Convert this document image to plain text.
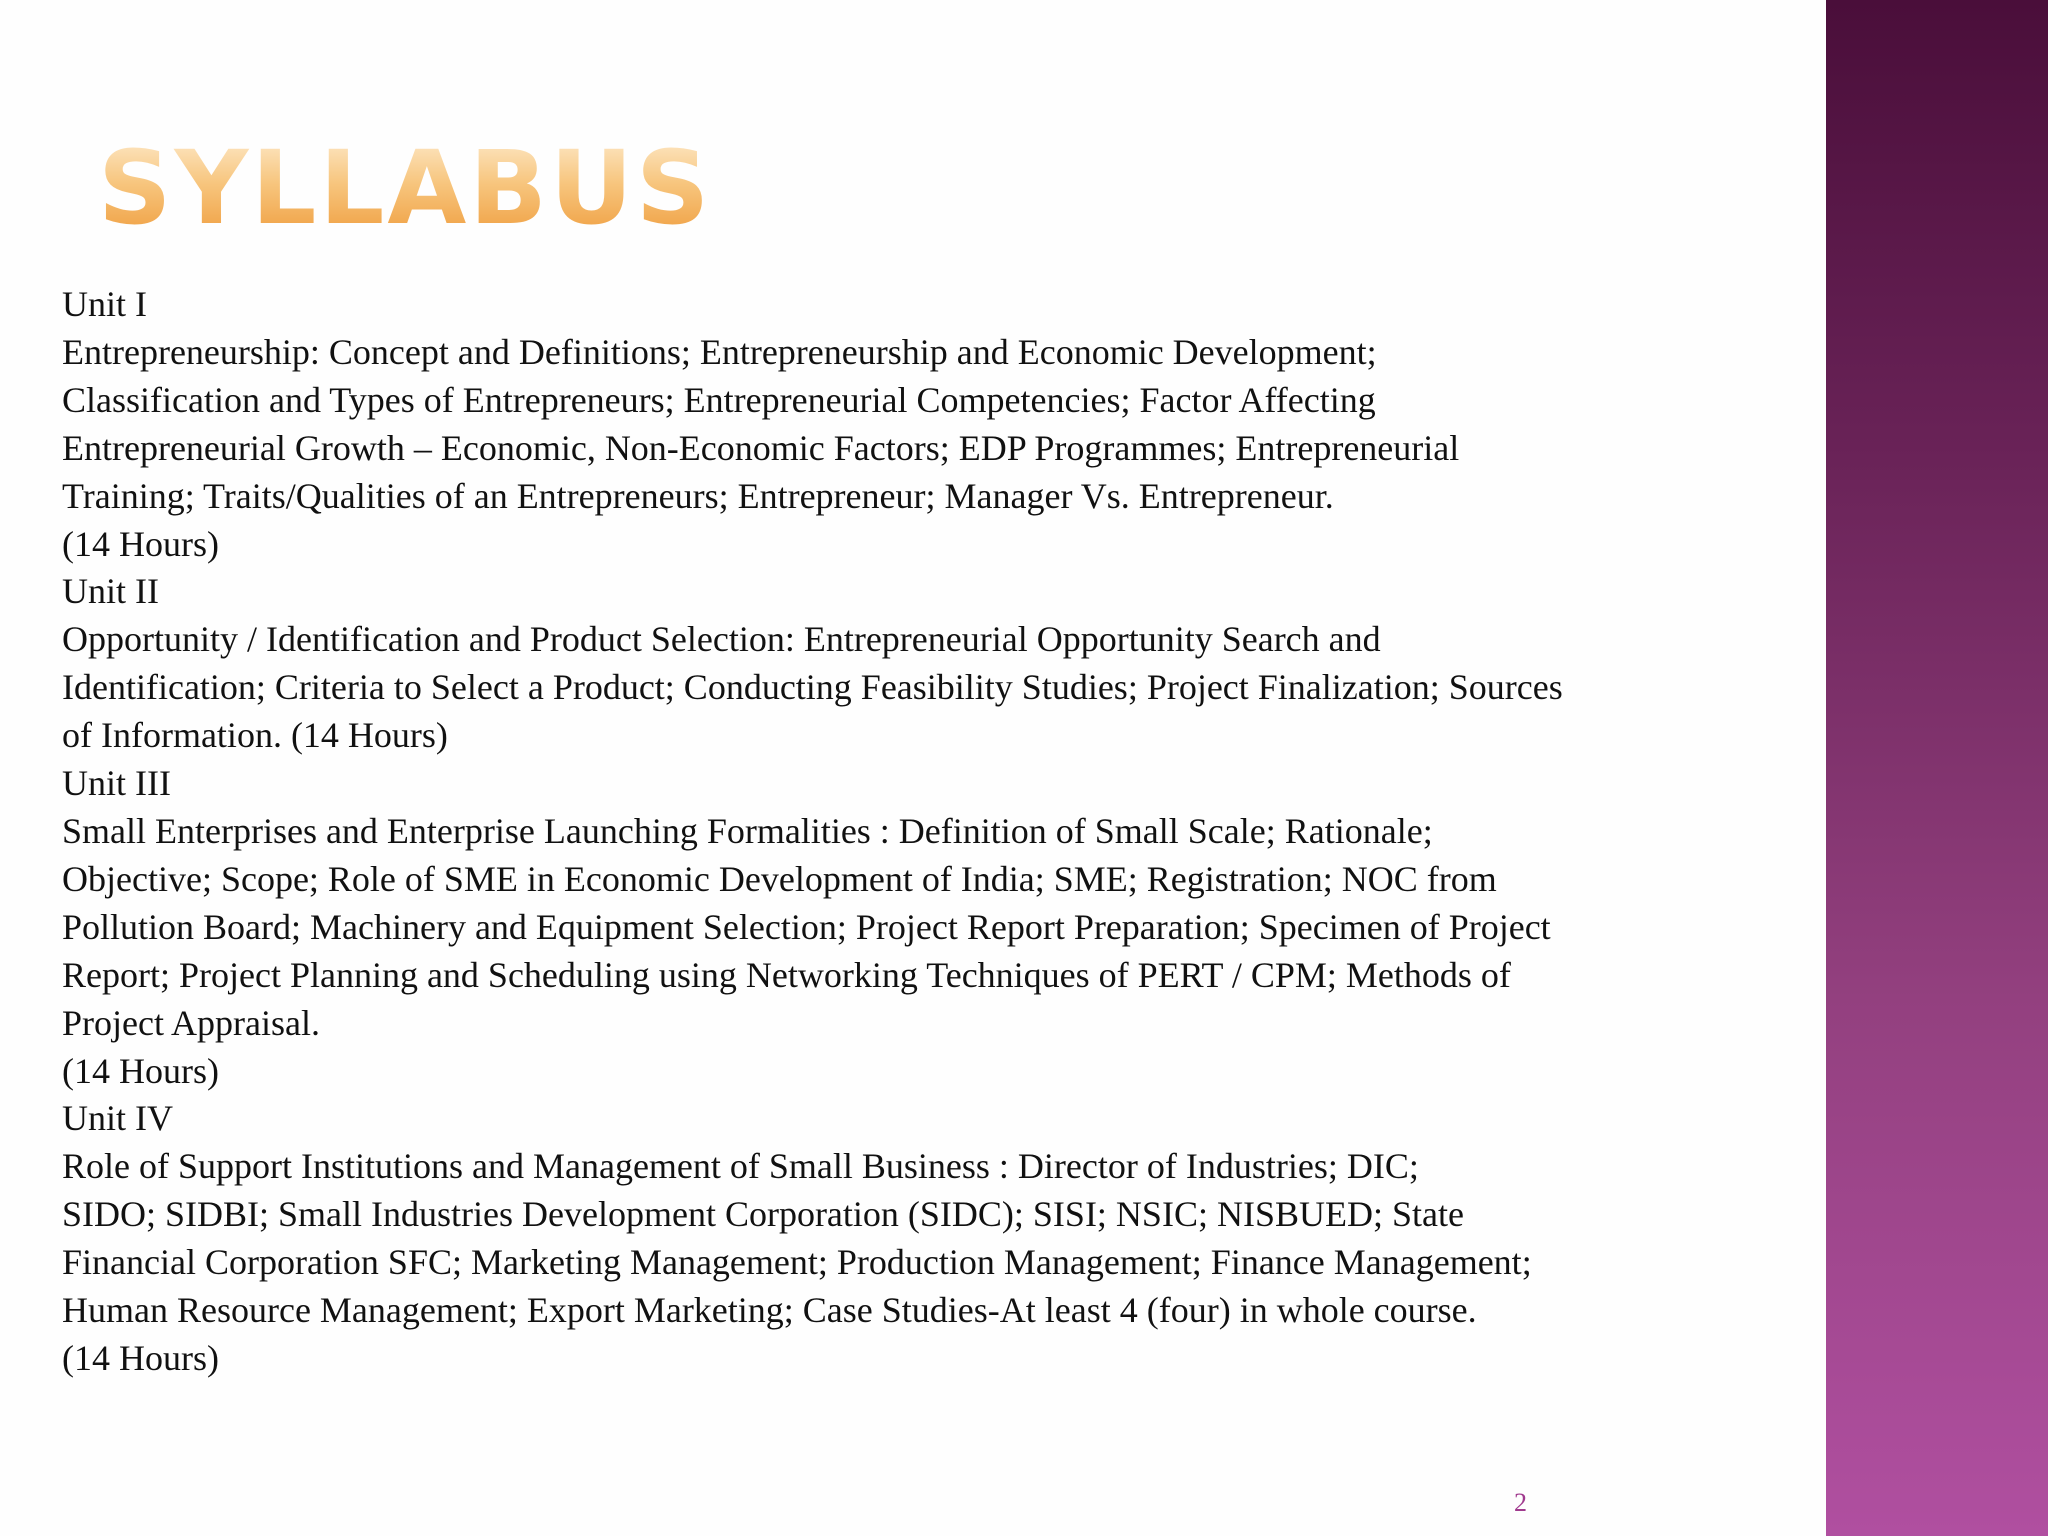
SYLLABUS
Unit I
Entrepreneurship: Concept and Definitions; Entrepreneurship and Economic Development;
Classification and Types of Entrepreneurs; Entrepreneurial Competencies; Factor Affecting
Entrepreneurial Growth – Economic, Non-Economic Factors; EDP Programmes; Entrepreneurial
Training; Traits/Qualities of an Entrepreneurs; Entrepreneur; Manager Vs. Entrepreneur.
(14 Hours)
Unit II
Opportunity / Identification and Product Selection: Entrepreneurial Opportunity Search and
Identification; Criteria to Select a Product; Conducting Feasibility Studies; Project Finalization; Sources
of Information. (14 Hours)
Unit III
Small Enterprises and Enterprise Launching Formalities : Definition of Small Scale; Rationale;
Objective; Scope; Role of SME in Economic Development of India; SME; Registration; NOC from
Pollution Board; Machinery and Equipment Selection; Project Report Preparation; Specimen of Project
Report; Project Planning and Scheduling using Networking Techniques of PERT / CPM; Methods of
Project Appraisal.
(14 Hours)
Unit IV
Role of Support Institutions and Management of Small Business : Director of Industries; DIC;
SIDO; SIDBI; Small Industries Development Corporation (SIDC); SISI; NSIC; NISBUED; State
Financial Corporation SFC; Marketing Management; Production Management; Finance Management;
Human Resource Management; Export Marketing; Case Studies-At least 4 (four) in whole course.
(14 Hours)
2
